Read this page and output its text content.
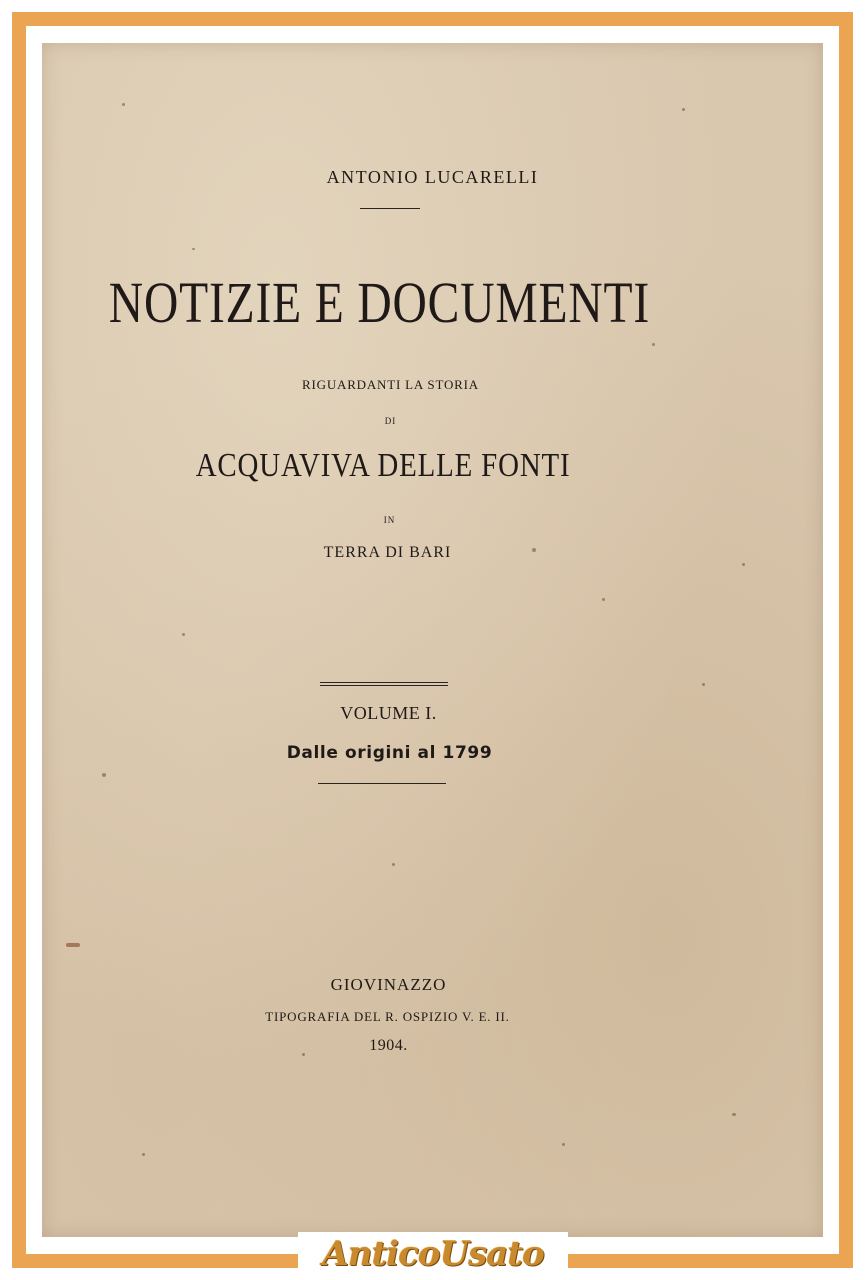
ANTONIO LUCARELLI

NOTIZIE E DOCUMENTI

RIGUARDANTI LA STORIA

DI

ACQUAVIVA DELLE FONTI

IN

TERRA DI BARI

VOLUME I.

Dalle origini al 1799

GIOVINAZZO

TIPOGRAFIA DEL R. OSPIZIO V. E. II.

1904.

AnticoUsato
